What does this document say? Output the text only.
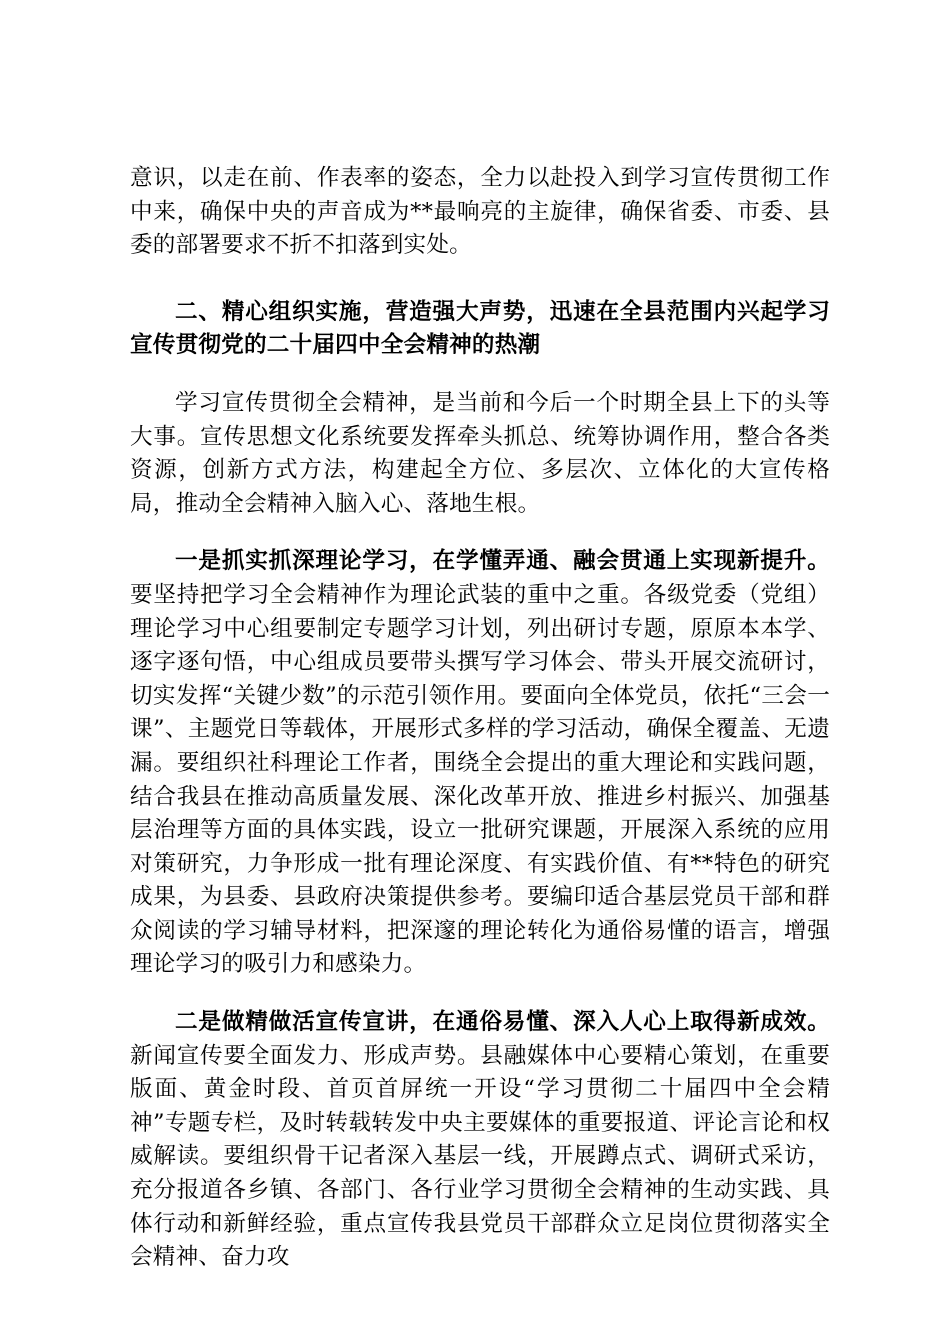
意识，以走在前、作表率的姿态，全力以赴投入到学习宣传贯彻工作中来，确保中央的声音成为**最响亮的主旋律，确保省委、市委、县委的部署要求不折不扣落到实处。

二、精心组织实施，营造强大声势，迅速在全县范围内兴起学习宣传贯彻党的二十届四中全会精神的热潮

学习宣传贯彻全会精神，是当前和今后一个时期全县上下的头等大事。宣传思想文化系统要发挥牵头抓总、统筹协调作用，整合各类资源，创新方式方法，构建起全方位、多层次、立体化的大宣传格局，推动全会精神入脑入心、落地生根。

一是抓实抓深理论学习，在学懂弄通、融会贯通上实现新提升。要坚持把学习全会精神作为理论武装的重中之重。各级党委（党组）理论学习中心组要制定专题学习计划，列出研讨专题，原原本本学、逐字逐句悟，中心组成员要带头撰写学习体会、带头开展交流研讨，切实发挥“关键少数”的示范引领作用。要面向全体党员，依托“三会一课”、主题党日等载体，开展形式多样的学习活动，确保全覆盖、无遗漏。要组织社科理论工作者，围绕全会提出的重大理论和实践问题，结合我县在推动高质量发展、深化改革开放、推进乡村振兴、加强基层治理等方面的具体实践，设立一批研究课题，开展深入系统的应用对策研究，力争形成一批有理论深度、有实践价值、有**特色的研究成果，为县委、县政府决策提供参考。要编印适合基层党员干部和群众阅读的学习辅导材料，把深邃的理论转化为通俗易懂的语言，增强理论学习的吸引力和感染力。

二是做精做活宣传宣讲，在通俗易懂、深入人心上取得新成效。新闻宣传要全面发力、形成声势。县融媒体中心要精心策划，在重要版面、黄金时段、首页首屏统一开设“学习贯彻二十届四中全会精神”专题专栏，及时转载转发中央主要媒体的重要报道、评论言论和权威解读。要组织骨干记者深入基层一线，开展蹲点式、调研式采访，充分报道各乡镇、各部门、各行业学习贯彻全会精神的生动实践、具体行动和新鲜经验，重点宣传我县党员干部群众立足岗位贯彻落实全会精神、奋力攻
